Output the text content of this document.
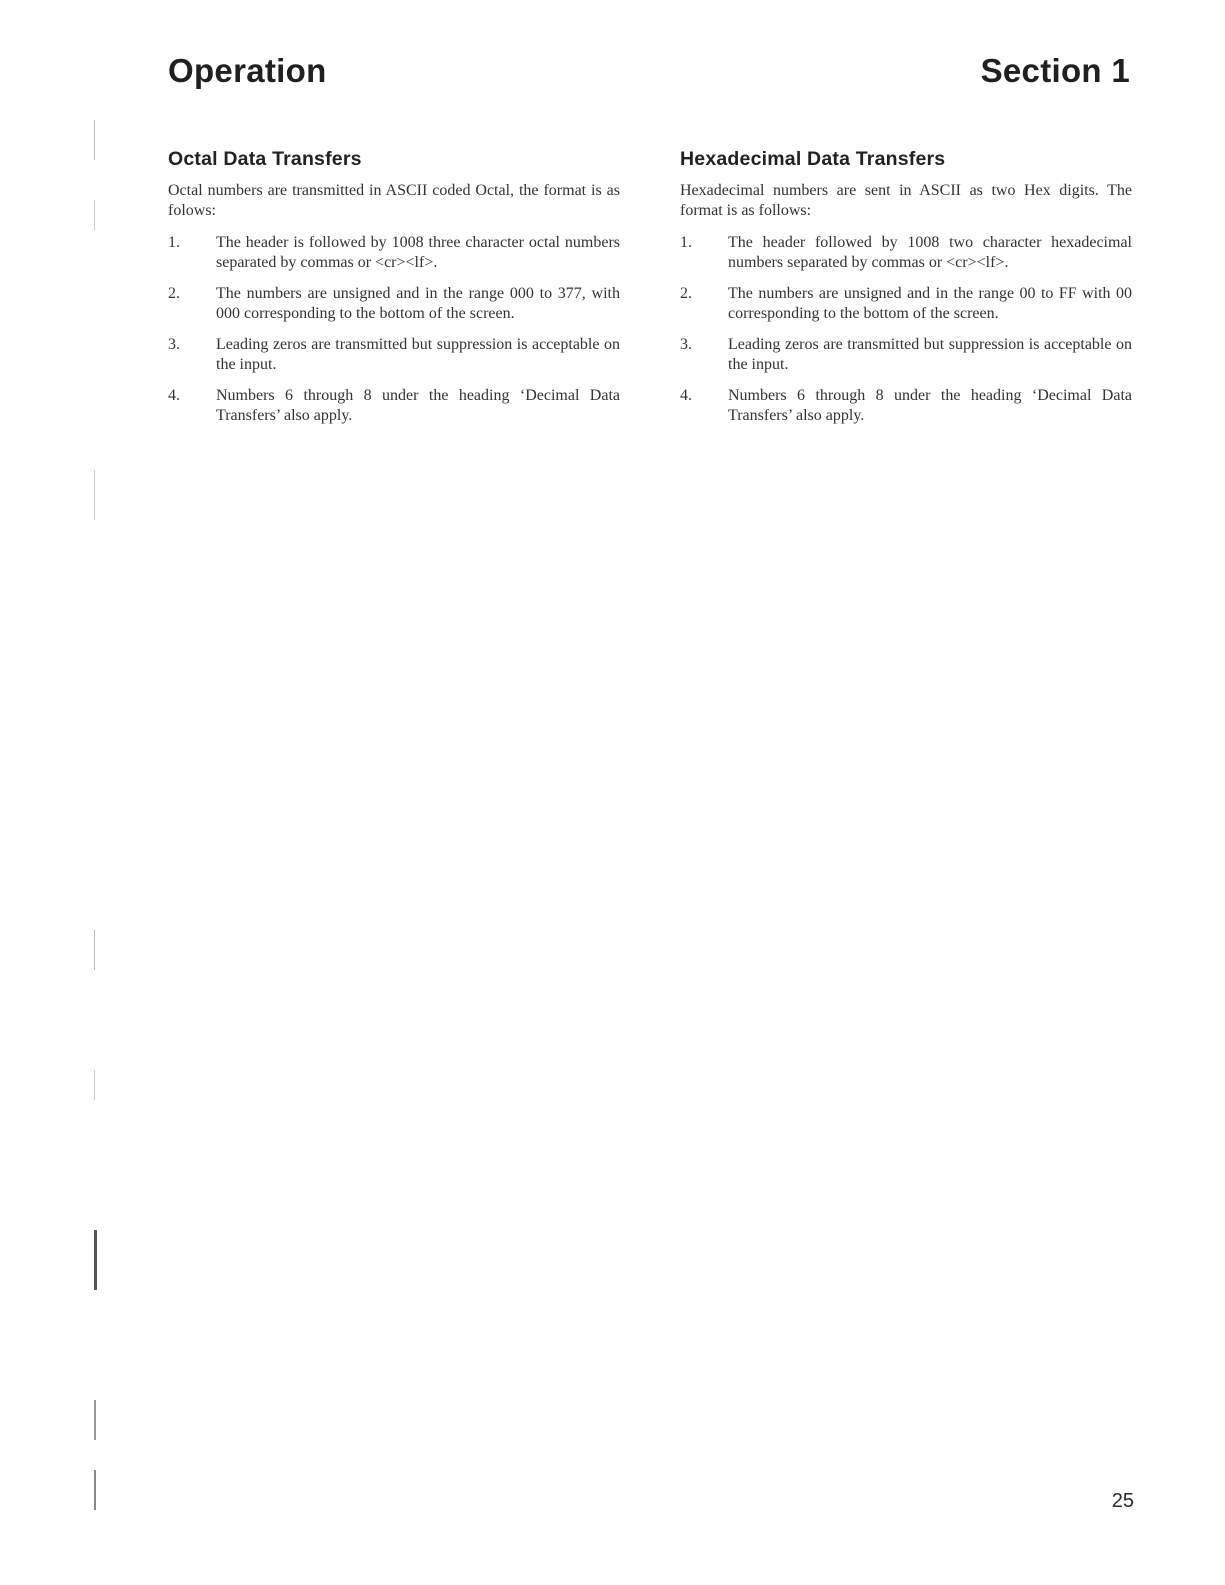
Operation	Section 1
Octal Data Transfers

Octal numbers are transmitted in ASCII coded Octal, the format is as folows:

1. The header is followed by 1008 three character octal numbers separated by commas or <cr><lf>.
2. The numbers are unsigned and in the range 000 to 377, with 000 corresponding to the bottom of the screen.
3. Leading zeros are transmitted but suppression is acceptable on the input.
4. Numbers 6 through 8 under the heading ‘Decimal Data Transfers’ also apply.
Hexadecimal Data Transfers

Hexadecimal numbers are sent in ASCII as two Hex digits. The format is as follows:

1. The header followed by 1008 two character hexadecimal numbers separated by commas or <cr><lf>.
2. The numbers are unsigned and in the range 00 to FF with 00 corresponding to the bottom of the screen.
3. Leading zeros are transmitted but suppression is acceptable on the input.
4. Numbers 6 through 8 under the heading ‘Decimal Data Transfers’ also apply.
25
